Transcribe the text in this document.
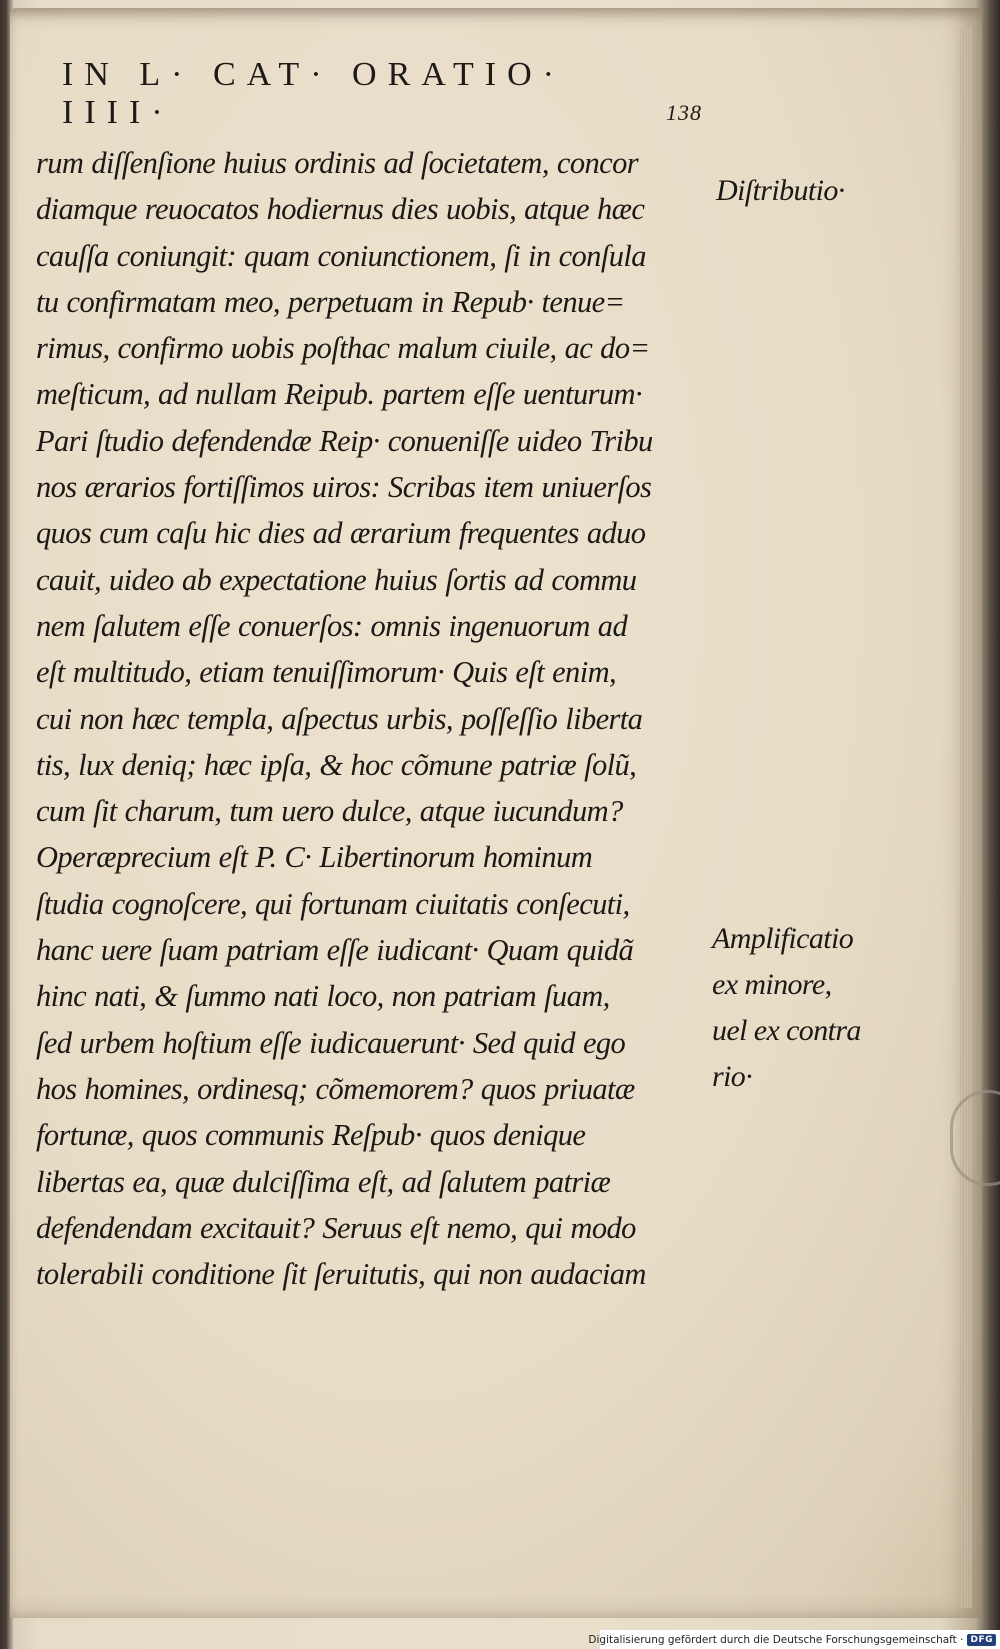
IN L· CAT· ORATIO· IIII·	138
rum diſſenſione huius ordinis ad ſocietatem, concor
diamque reuocatos hodiernus dies uobis, atque hæc
cauſſa coniungit: quam coniunctionem, ſi in conſula
tu confirmatam meo, perpetuam in Repub· tenue=
rimus, confirmo uobis poſthac malum ciuile, ac do=
meſticum, ad nullam Reipub. partem eſſe uenturum·
Pari ſtudio defendendæ Reip· conueniſſe uideo Tribu
nos ærarios fortiſſimos uiros: Scribas item uniuerſos
quos cum caſu hic dies ad ærarium frequentes aduo
cauit, uideo ab expectatione huius ſortis ad commu
nem ſalutem eſſe conuerſos: omnis ingenuorum ad
eſt multitudo, etiam tenuiſſimorum· Quis eſt enim,
cui non hæc templa, aſpectus urbis, poſſeſſio liberta
tis, lux deniq; hæc ipſa, & hoc cõmune patriæ ſolũ,
cum ſit charum, tum uero dulce, atque iucundum?
Operæprecium eſt P. C· Libertinorum hominum
ſtudia cognoſcere, qui fortunam ciuitatis conſecuti,
hanc uere ſuam patriam eſſe iudicant· Quam quidã
hinc nati, & ſummo nati loco, non patriam ſuam,
ſed urbem hoſtium eſſe iudicauerunt· Sed quid ego
hos homines, ordinesq; cõmemorem? quos priuatæ
fortunæ, quos communis Reſpub· quos denique
libertas ea, quæ dulciſſima eſt, ad ſalutem patriæ
defendendam excitauit? Seruus eſt nemo, qui modo
tolerabili conditione ſit ſeruitutis, qui non audaciam
Diſtributio·
Amplificatio
ex minore,
uel ex contra
rio·
Digitalisierung gefördert durch die Deutsche Forschungsgemeinschaft · DFG
